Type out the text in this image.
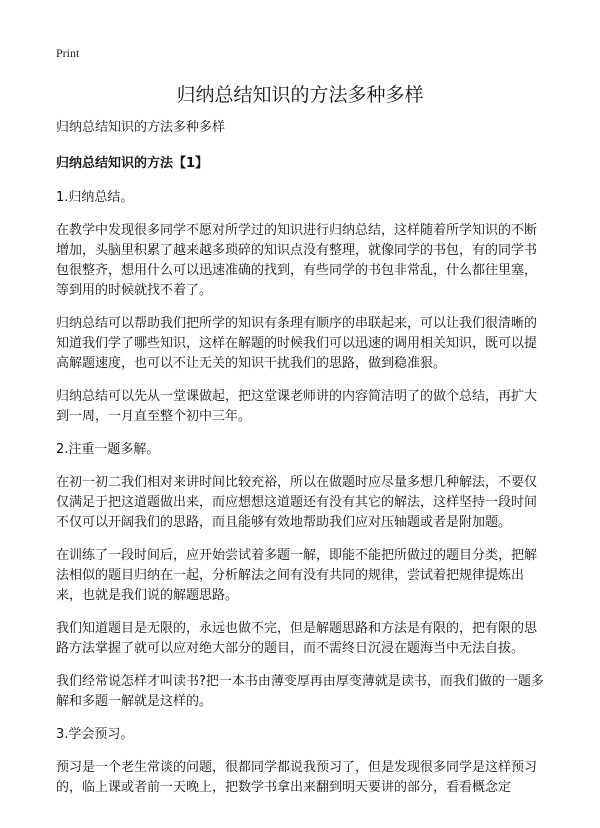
Print
归纳总结知识的方法多种多样

归纳总结知识的方法多种多样

归纳总结知识的方法【1】

1.归纳总结。

在教学中发现很多同学不愿对所学过的知识进行归纳总结，这样随着所学知识的不断增加，头脑里积累了越来越多琐碎的知识点没有整理，就像同学的书包，有的同学书包很整齐，想用什么可以迅速准确的找到，有些同学的书包非常乱，什么都往里塞，等到用的时候就找不着了。

归纳总结可以帮助我们把所学的知识有条理有顺序的串联起来，可以让我们很清晰的知道我们学了哪些知识，这样在解题的时候我们可以迅速的调用相关知识，既可以提高解题速度，也可以不让无关的知识干扰我们的思路，做到稳准狠。

归纳总结可以先从一堂课做起，把这堂课老师讲的内容简洁明了的做个总结，再扩大到一周，一月直至整个初中三年。

2.注重一题多解。

在初一初二我们相对来讲时间比较充裕，所以在做题时应尽量多想几种解法，不要仅仅满足于把这道题做出来，而应想想这道题还有没有其它的解法，这样坚持一段时间不仅可以开阔我们的思路，而且能够有效地帮助我们应对压轴题或者是附加题。

在训练了一段时间后，应开始尝试着多题一解，即能不能把所做过的题目分类，把解法相似的题目归纳在一起，分析解法之间有没有共同的规律，尝试着把规律提炼出来，也就是我们说的解题思路。

我们知道题目是无限的，永远也做不完，但是解题思路和方法是有限的，把有限的思路方法掌握了就可以应对绝大部分的题目，而不需终日沉浸在题海当中无法自拔。

我们经常说怎样才叫读书?把一本书由薄变厚再由厚变薄就是读书，而我们做的一题多解和多题一解就是这样的。

3.学会预习。

预习是一个老生常谈的问题，很都同学都说我预习了，但是发现很多同学是这样预习的，临上课或者前一天晚上，把数学书拿出来翻到明天要讲的部分，看看概念定
